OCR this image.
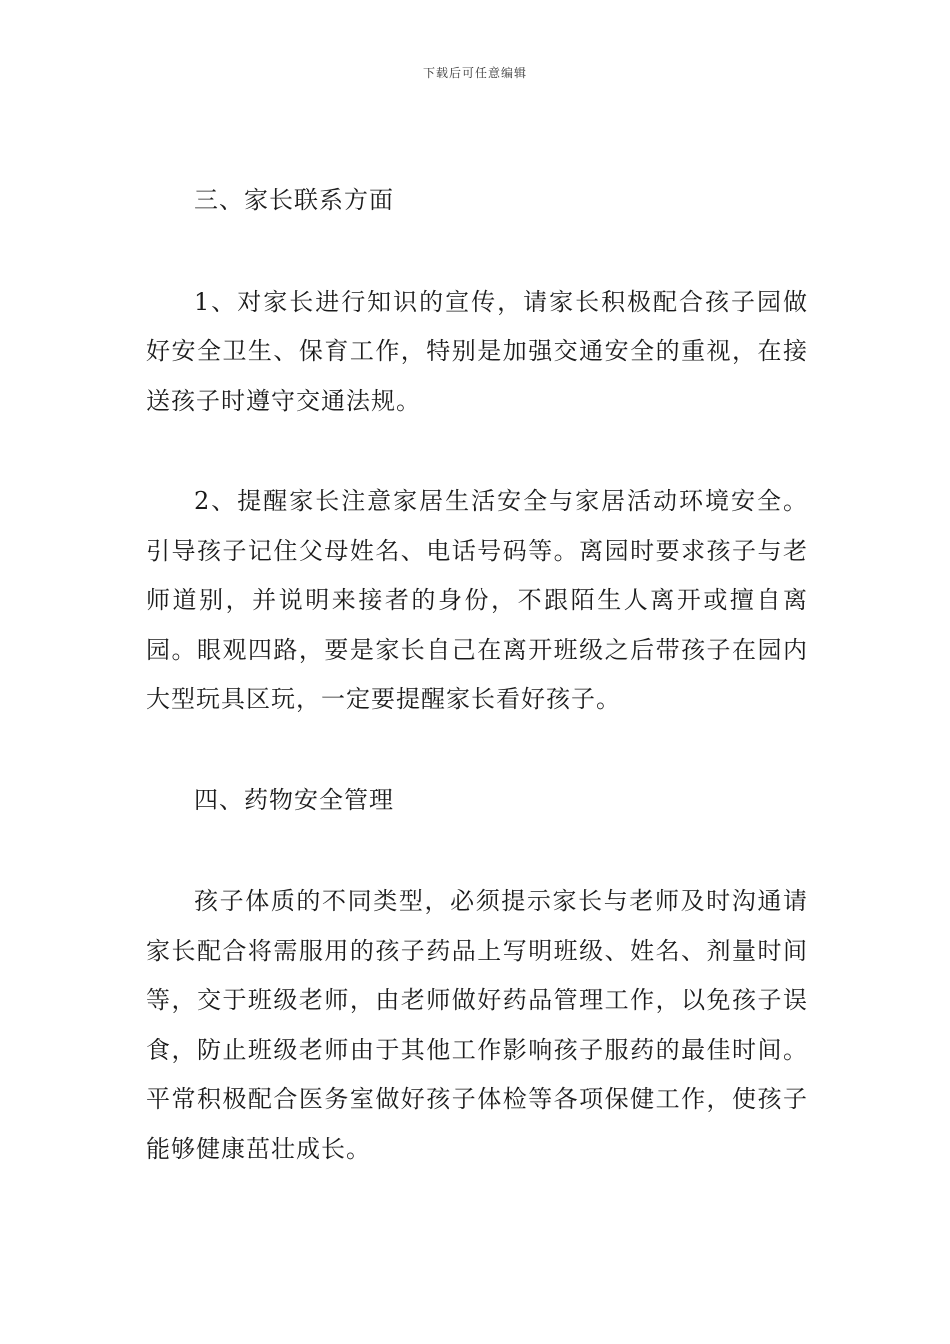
下载后可任意编辑

三、家长联系方面

1、对家长进行知识的宣传，请家长积极配合孩子园做好安全卫生、保育工作，特别是加强交通安全的重视，在接送孩子时遵守交通法规。

2、提醒家长注意家居生活安全与家居活动环境安全。引导孩子记住父母姓名、电话号码等。离园时要求孩子与老师道别，并说明来接者的身份，不跟陌生人离开或擅自离园。眼观四路，要是家长自己在离开班级之后带孩子在园内大型玩具区玩，一定要提醒家长看好孩子。

四、药物安全管理

孩子体质的不同类型，必须提示家长与老师及时沟通请家长配合将需服用的孩子药品上写明班级、姓名、剂量时间等，交于班级老师，由老师做好药品管理工作，以免孩子误食，防止班级老师由于其他工作影响孩子服药的最佳时间。平常积极配合医务室做好孩子体检等各项保健工作，使孩子能够健康茁壮成长。
